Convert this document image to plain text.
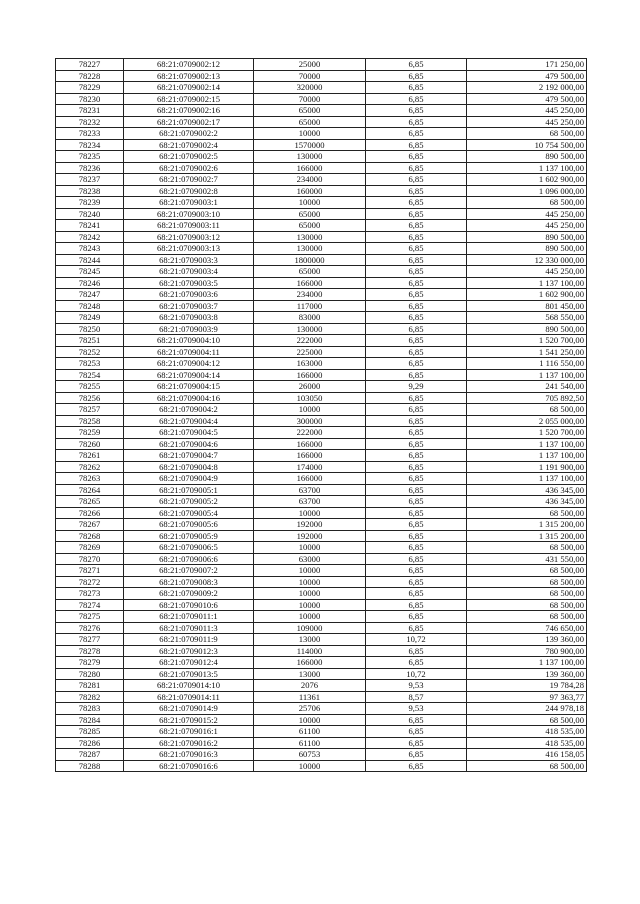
78227	68:21:0709002:12	25000	6,85	171 250,00
78228	68:21:0709002:13	70000	6,85	479 500,00
78229	68:21:0709002:14	320000	6,85	2 192 000,00
78230	68:21:0709002:15	70000	6,85	479 500,00
78231	68:21:0709002:16	65000	6,85	445 250,00
78232	68:21:0709002:17	65000	6,85	445 250,00
78233	68:21:0709002:2	10000	6,85	68 500,00
78234	68:21:0709002:4	1570000	6,85	10 754 500,00
78235	68:21:0709002:5	130000	6,85	890 500,00
78236	68:21:0709002:6	166000	6,85	1 137 100,00
78237	68:21:0709002:7	234000	6,85	1 602 900,00
78238	68:21:0709002:8	160000	6,85	1 096 000,00
78239	68:21:0709003:1	10000	6,85	68 500,00
78240	68:21:0709003:10	65000	6,85	445 250,00
78241	68:21:0709003:11	65000	6,85	445 250,00
78242	68:21:0709003:12	130000	6,85	890 500,00
78243	68:21:0709003:13	130000	6,85	890 500,00
78244	68:21:0709003:3	1800000	6,85	12 330 000,00
78245	68:21:0709003:4	65000	6,85	445 250,00
78246	68:21:0709003:5	166000	6,85	1 137 100,00
78247	68:21:0709003:6	234000	6,85	1 602 900,00
78248	68:21:0709003:7	117000	6,85	801 450,00
78249	68:21:0709003:8	83000	6,85	568 550,00
78250	68:21:0709003:9	130000	6,85	890 500,00
78251	68:21:0709004:10	222000	6,85	1 520 700,00
78252	68:21:0709004:11	225000	6,85	1 541 250,00
78253	68:21:0709004:12	163000	6,85	1 116 550,00
78254	68:21:0709004:14	166000	6,85	1 137 100,00
78255	68:21:0709004:15	26000	9,29	241 540,00
78256	68:21:0709004:16	103050	6,85	705 892,50
78257	68:21:0709004:2	10000	6,85	68 500,00
78258	68:21:0709004:4	300000	6,85	2 055 000,00
78259	68:21:0709004:5	222000	6,85	1 520 700,00
78260	68:21:0709004:6	166000	6,85	1 137 100,00
78261	68:21:0709004:7	166000	6,85	1 137 100,00
78262	68:21:0709004:8	174000	6,85	1 191 900,00
78263	68:21:0709004:9	166000	6,85	1 137 100,00
78264	68:21:0709005:1	63700	6,85	436 345,00
78265	68:21:0709005:2	63700	6,85	436 345,00
78266	68:21:0709005:4	10000	6,85	68 500,00
78267	68:21:0709005:6	192000	6,85	1 315 200,00
78268	68:21:0709005:9	192000	6,85	1 315 200,00
78269	68:21:0709006:5	10000	6,85	68 500,00
78270	68:21:0709006:6	63000	6,85	431 550,00
78271	68:21:0709007:2	10000	6,85	68 500,00
78272	68:21:0709008:3	10000	6,85	68 500,00
78273	68:21:0709009:2	10000	6,85	68 500,00
78274	68:21:0709010:6	10000	6,85	68 500,00
78275	68:21:0709011:1	10000	6,85	68 500,00
78276	68:21:0709011:3	109000	6,85	746 650,00
78277	68:21:0709011:9	13000	10,72	139 360,00
78278	68:21:0709012:3	114000	6,85	780 900,00
78279	68:21:0709012:4	166000	6,85	1 137 100,00
78280	68:21:0709013:5	13000	10,72	139 360,00
78281	68:21:0709014:10	2076	9,53	19 784,28
78282	68:21:0709014:11	11361	8,57	97 363,77
78283	68:21:0709014:9	25706	9,53	244 978,18
78284	68:21:0709015:2	10000	6,85	68 500,00
78285	68:21:0709016:1	61100	6,85	418 535,00
78286	68:21:0709016:2	61100	6,85	418 535,00
78287	68:21:0709016:3	60753	6,85	416 158,05
78288	68:21:0709016:6	10000	6,85	68 500,00
